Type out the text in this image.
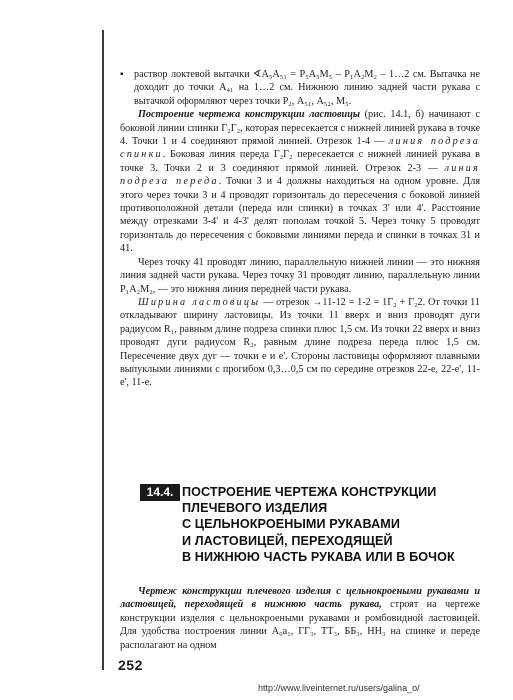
▪ раствор локтевой вытачки ∢А₅А₅₁ = Р₅А₅М₅ – Р₁А₂М₂ – 1…2 см. Вытачка не доходит до точки А₄₁ на 1…2 см. Нижнюю линию задней части рукава с вытачкой оформляют через точки Р₂, А₅₁, А₅₂, М₅.

Построение чертежа конструкции ластовицы (рис. 14.1, б) начинают с боковой линии спинки Г₂Г₂, которая пересекается с нижней линией рукава в точке 4. Точки 1 и 4 соединяют прямой линией. Отрезок 1-4 — линия подреза спинки. Боковая линия переда Г₂Г₂ пересекается с нижней линией рукава в точке 3. Точки 2 и 3 соединяют прямой линией. Отрезок 2-3 — линия подреза переда. Точки 3 и 4 должны находиться на одном уровне. Для этого через точки 3 и 4 проводят горизонталь до пересечения с боковой линией противоположной детали (переда или спинки) в точках 3' или 4'. Расстояние между отрезками 3-4' и 4-3' делят пополам точкой 5. Через точку 5 проводят горизонталь до пересечения с боковыми линиями переда и спинки в точках 31 и 41.

Через точку 41 проводят линию, параллельную нижней линии — это нижняя линия задней части рукава. Через точку 31 проводят линию, параллельную линии Р₁А₂М₂, — это нижняя линия передней части рукава.

Ширина ластовицы — отрезок →11-12 = 1-2 = 1Г₂ + Г₂2. От точки 11 откладывают ширину ластовицы. Из точки 11 вверх и вниз проводят дуги радиусом R₁, равным длине подреза спинки плюс 1,5 см. Из точки 22 вверх и вниз проводят дуги радиусом R₂, равным длине подреза переда плюс 1,5 см. Пересечение двух дуг — точки е и е'. Стороны ластовицы оформляют плавными выпуклыми линиями с прогибом 0,3…0,5 см по середине отрезков 22-е, 22-е', 11-е', 11-е.

14.4. ПОСТРОЕНИЕ ЧЕРТЕЖА КОНСТРУКЦИИ
ПЛЕЧЕВОГО ИЗДЕЛИЯ
С ЦЕЛЬНОКРОЕНЫМИ РУКАВАМИ
И ЛАСТОВИЦЕЙ, ПЕРЕХОДЯЩЕЙ
В НИЖНЮЮ ЧАСТЬ РУКАВА ИЛИ В БОЧОК

Чертеж конструкции плечевого изделия с цельнокроеными рукавами и ластовицей, переходящей в нижнюю часть рукава, строят на чертеже конструкции изделия с цельнокроеными рукавами и ромбовидной ластовицей. Для удобства построения линии А₀а₁, ГГ₃, ТТ₃, ББ₃, НН₃ на спинке и переде располагают на одном

252
http://www.liveinternet.ru/users/galina_o/
